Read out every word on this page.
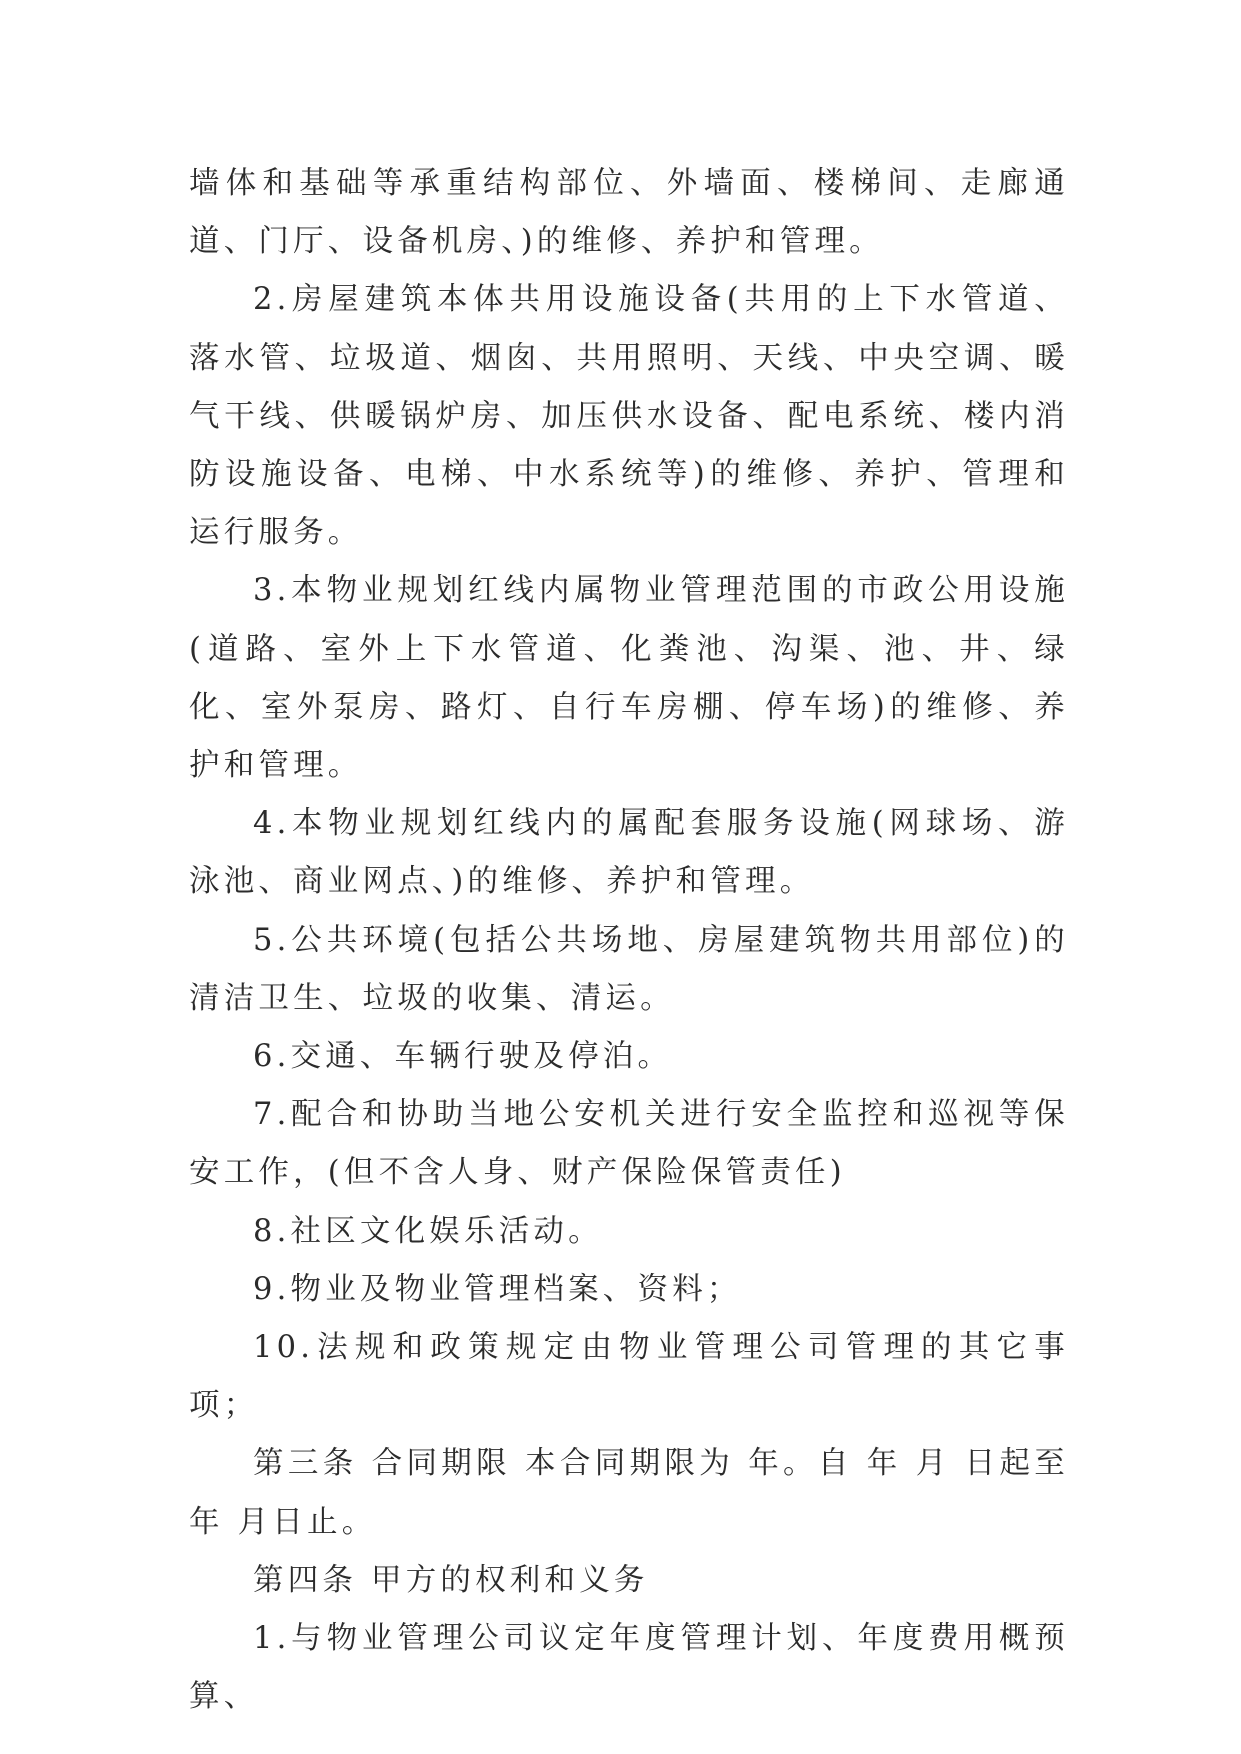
墙体和基础等承重结构部位、外墙面、楼梯间、走廊通道、门厅、设备机房、)的维修、养护和管理。

2.房屋建筑本体共用设施设备(共用的上下水管道、落水管、垃圾道、烟囱、共用照明、天线、中央空调、暖气干线、供暖锅炉房、加压供水设备、配电系统、楼内消防设施设备、电梯、中水系统等)的维修、养护、管理和运行服务。

3.本物业规划红线内属物业管理范围的市政公用设施(道路、室外上下水管道、化粪池、沟渠、池、井、绿化、室外泵房、路灯、自行车房棚、停车场)的维修、养护和管理。

4.本物业规划红线内的属配套服务设施(网球场、游泳池、商业网点、)的维修、养护和管理。

5.公共环境(包括公共场地、房屋建筑物共用部位)的清洁卫生、垃圾的收集、清运。

6.交通、车辆行驶及停泊。

7.配合和协助当地公安机关进行安全监控和巡视等保安工作，(但不含人身、财产保险保管责任)

8.社区文化娱乐活动。

9.物业及物业管理档案、资料；

10.法规和政策规定由物业管理公司管理的其它事项；

第三条 合同期限 本合同期限为 年。自 年 月 日起至 年 月日止。

第四条 甲方的权利和义务

1.与物业管理公司议定年度管理计划、年度费用概预算、
